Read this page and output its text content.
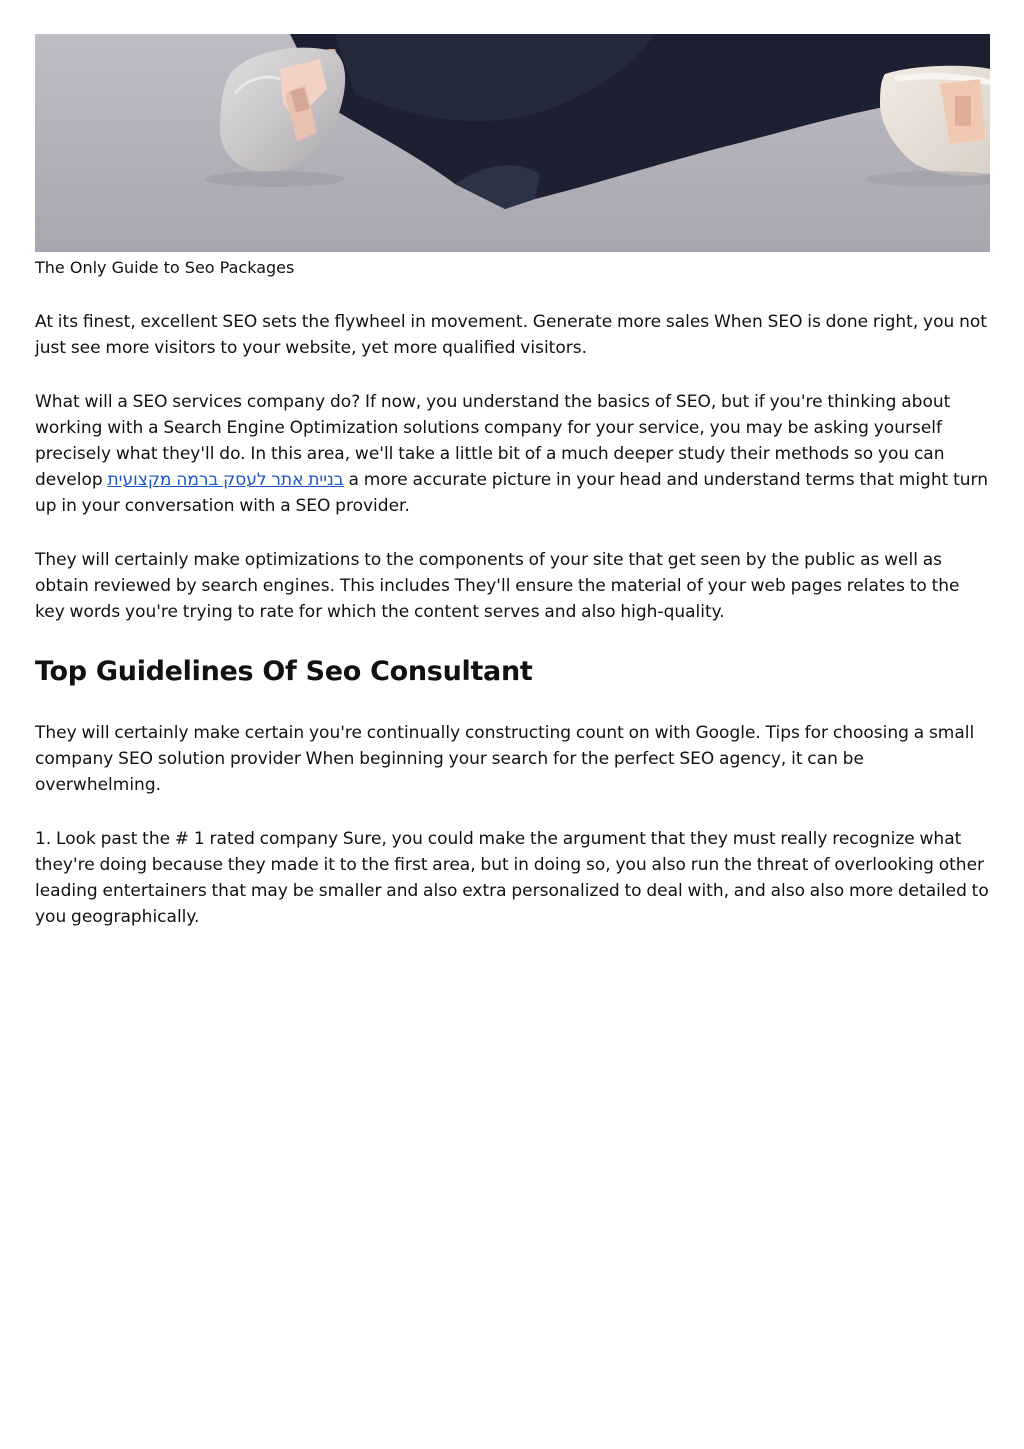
The Only Guide to Seo Packages

At its finest, excellent SEO sets the flywheel in movement. Generate more sales When SEO is done right, you not just see more visitors to your website, yet more qualified visitors.

What will a SEO services company do? If now, you understand the basics of SEO, but if you're thinking about working with a Search Engine Optimization solutions company for your service, you may be asking yourself precisely what they'll do. In this area, we'll take a little bit of a much deeper study their methods so you can develop בניית אתר לעסק ברמה מקצועית a more accurate picture in your head and understand terms that might turn up in your conversation with a SEO provider.

They will certainly make optimizations to the components of your site that get seen by the public as well as obtain reviewed by search engines. This includes They'll ensure the material of your web pages relates to the key words you're trying to rate for which the content serves and also high-quality.

Top Guidelines Of Seo Consultant

They will certainly make certain you're continually constructing count on with Google. Tips for choosing a small company SEO solution provider When beginning your search for the perfect SEO agency, it can be overwhelming.

1. Look past the # 1 rated company Sure, you could make the argument that they must really recognize what they're doing because they made it to the first area, but in doing so, you also run the threat of overlooking other leading entertainers that may be smaller and also extra personalized to deal with, and also also more detailed to you geographically.
